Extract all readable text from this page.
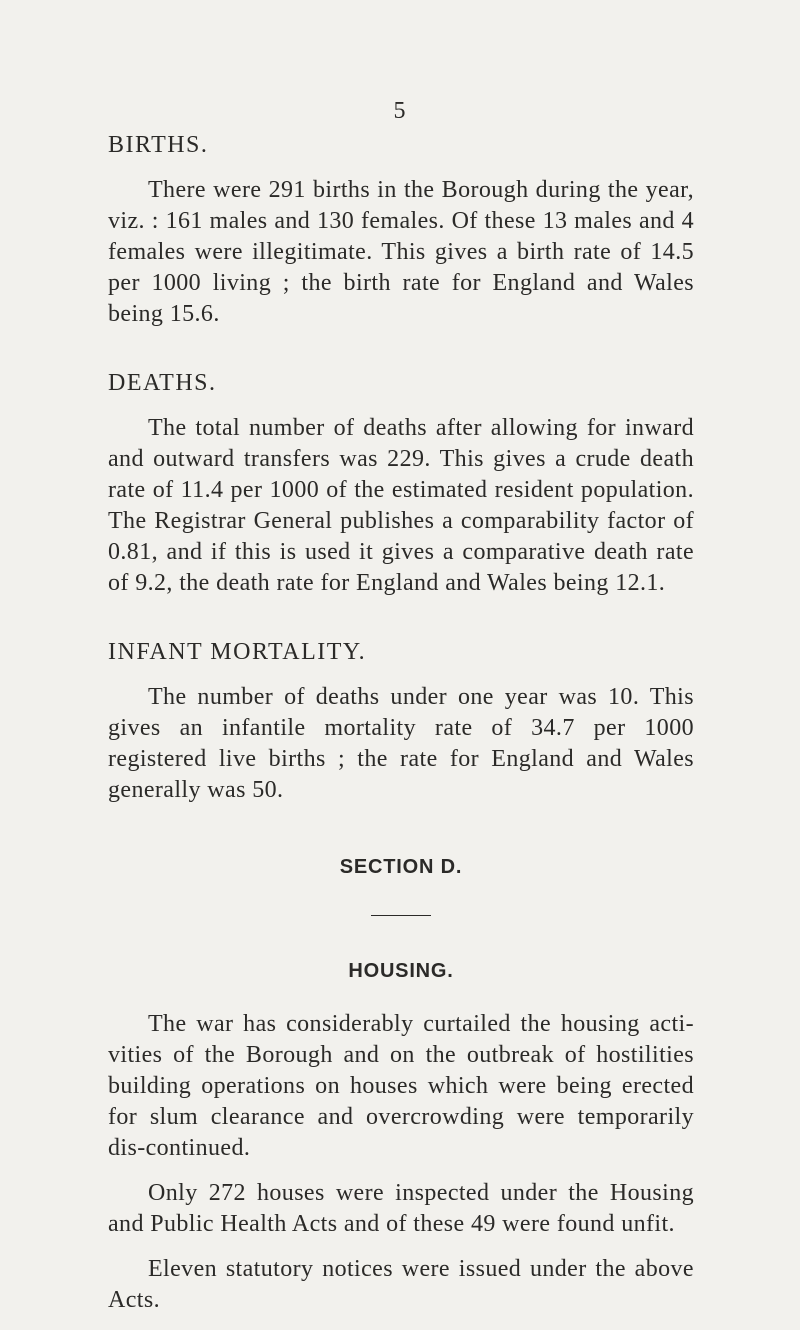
5
BIRTHS.

There were 291 births in the Borough during the year, viz. : 161 males and 130 females. Of these 13 males and 4 females were illegitimate. This gives a birth rate of 14.5 per 1000 living ; the birth rate for England and Wales being 15.6.

DEATHS.

The total number of deaths after allowing for inward and outward transfers was 229. This gives a crude death rate of 11.4 per 1000 of the estimated resident population. The Registrar General publishes a comparability factor of 0.81, and if this is used it gives a comparative death rate of 9.2, the death rate for England and Wales being 12.1.

INFANT MORTALITY.

The number of deaths under one year was 10. This gives an infantile mortality rate of 34.7 per 1000 registered live births ; the rate for England and Wales generally was 50.

SECTION D.
HOUSING.

The war has considerably curtailed the housing acti-vities of the Borough and on the outbreak of hostilities building operations on houses which were being erected for slum clearance and overcrowding were temporarily dis-continued.

Only 272 houses were inspected under the Housing and Public Health Acts and of these 49 were found unfit.

Eleven statutory notices were issued under the above Acts.
